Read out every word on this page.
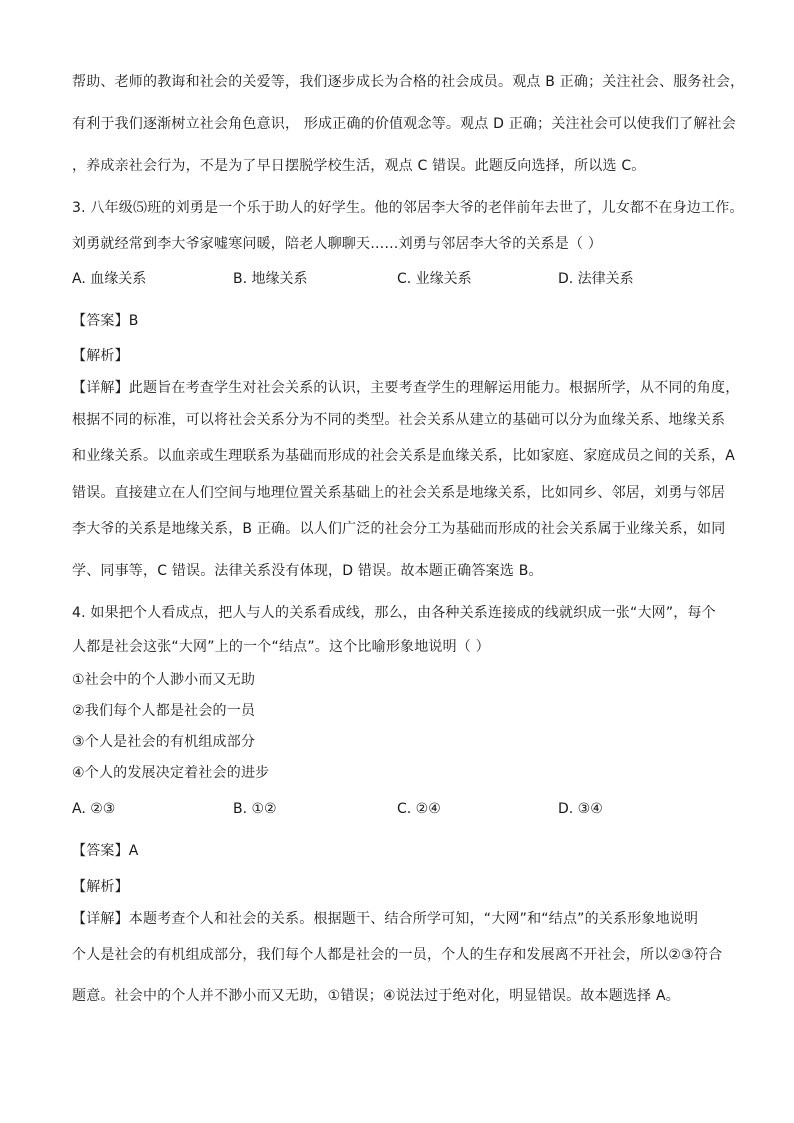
帮助、老师的教诲和社会的关爱等，我们逐步成长为合格的社会成员。观点 B 正确；关注社会、服务社会，
有利于我们逐渐树立社会角色意识， 形成正确的价值观念等。观点 D 正确；关注社会可以使我们了解社会
，养成亲社会行为，不是为了早日摆脱学校生活，观点 C 错误。此题反向选择，所以选 C。
3. 八年级⑸班的刘勇是一个乐于助人的好学生。他的邻居李大爷的老伴前年去世了，儿女都不在身边工作。
刘勇就经常到李大爷家嘘寒问暖，陪老人聊聊天……刘勇与邻居李大爷的关系是（ ）
A. 血缘关系	B. 地缘关系	C. 业缘关系	D. 法律关系
【答案】B
【解析】
【详解】此题旨在考查学生对社会关系的认识，主要考查学生的理解运用能力。根据所学，从不同的角度，
根据不同的标准，可以将社会关系分为不同的类型。社会关系从建立的基础可以分为血缘关系、地缘关系
和业缘关系。以血亲或生理联系为基础而形成的社会关系是血缘关系，比如家庭、家庭成员之间的关系，A
错误。直接建立在人们空间与地理位置关系基础上的社会关系是地缘关系，比如同乡、邻居，刘勇与邻居
李大爷的关系是地缘关系，B 正确。以人们广泛的社会分工为基础而形成的社会关系属于业缘关系，如同
学、同事等，C 错误。法律关系没有体现，D 错误。故本题正确答案选 B。
4. 如果把个人看成点，把人与人的关系看成线，那么，由各种关系连接成的线就织成一张“大网”，每个
人都是社会这张“大网”上的一个“结点”。这个比喻形象地说明（ ）
①社会中的个人渺小而又无助
②我们每个人都是社会的一员
③个人是社会的有机组成部分
④个人的发展决定着社会的进步
A. ②③	B. ①②	C. ②④	D. ③④
【答案】A
【解析】
【详解】本题考查个人和社会的关系。根据题干、结合所学可知，“大网”和“结点”的关系形象地说明
个人是社会的有机组成部分，我们每个人都是社会的一员，个人的生存和发展离不开社会，所以②③符合
题意。社会中的个人并不渺小而又无助，①错误；④说法过于绝对化，明显错误。故本题选择 A。
